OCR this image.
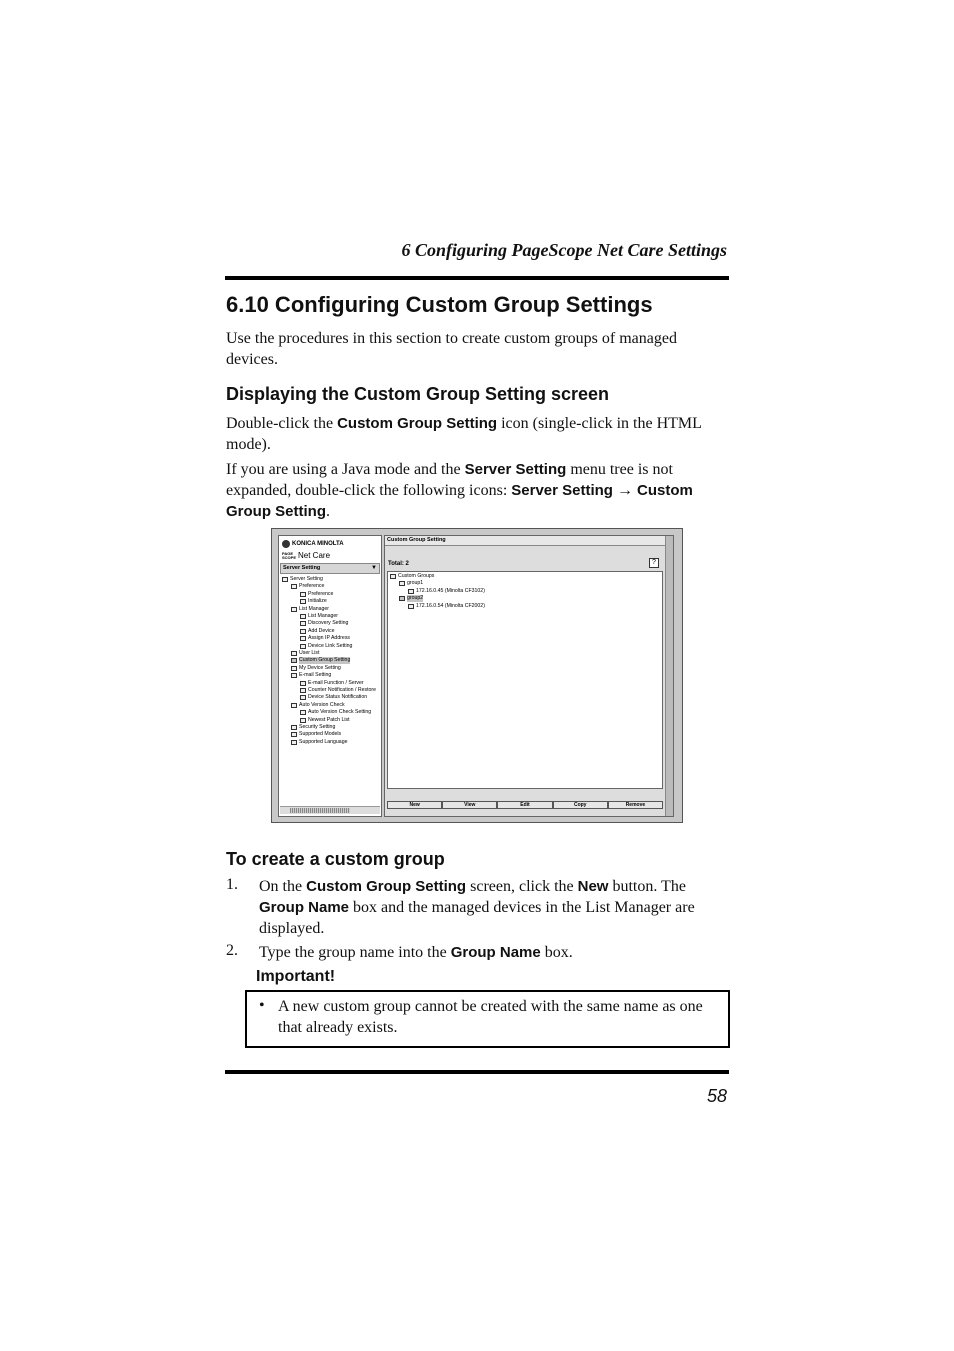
6 Configuring PageScope Net Care Settings
6.10 Configuring Custom Group Settings

Use the procedures in this section to create custom groups of managed devices.

Displaying the Custom Group Setting screen

Double-click the Custom Group Setting icon (single-click in the HTML mode).

If you are using a Java mode and the Server Setting menu tree is not expanded, double-click the following icons: Server Setting → Custom Group Setting.

KONICA MINOLTA
PAGE SCOPE Net Care
Server Setting	▼
Server Setting
Preference
Preference
Initialize
List Manager
List Manager
Discovery Setting
Add Device
Assign IP Address
Device Link Setting
User List
Custom Group Setting
My Device Setting
E-mail Setting
E-mail Function / Server
Counter Notification / Restore
Device Status Notification
Auto Version Check
Auto Version Check Setting
Newest Patch List
Security Setting
Supported Models
Supported Language
Custom Group Setting
Total: 2	?
Custom Groups
group1
172.16.0.45 (Minolta CF3102)
group2
172.16.0.54 (Minolta CF2002)
New	View	Edit	Copy	Remove
To create a custom group
1.	On the Custom Group Setting screen, click the New button. The Group Name box and the managed devices in the List Manager are displayed.
2.	Type the group name into the Group Name box.
Important!
• A new custom group cannot be created with the same name as one that already exists.
58
